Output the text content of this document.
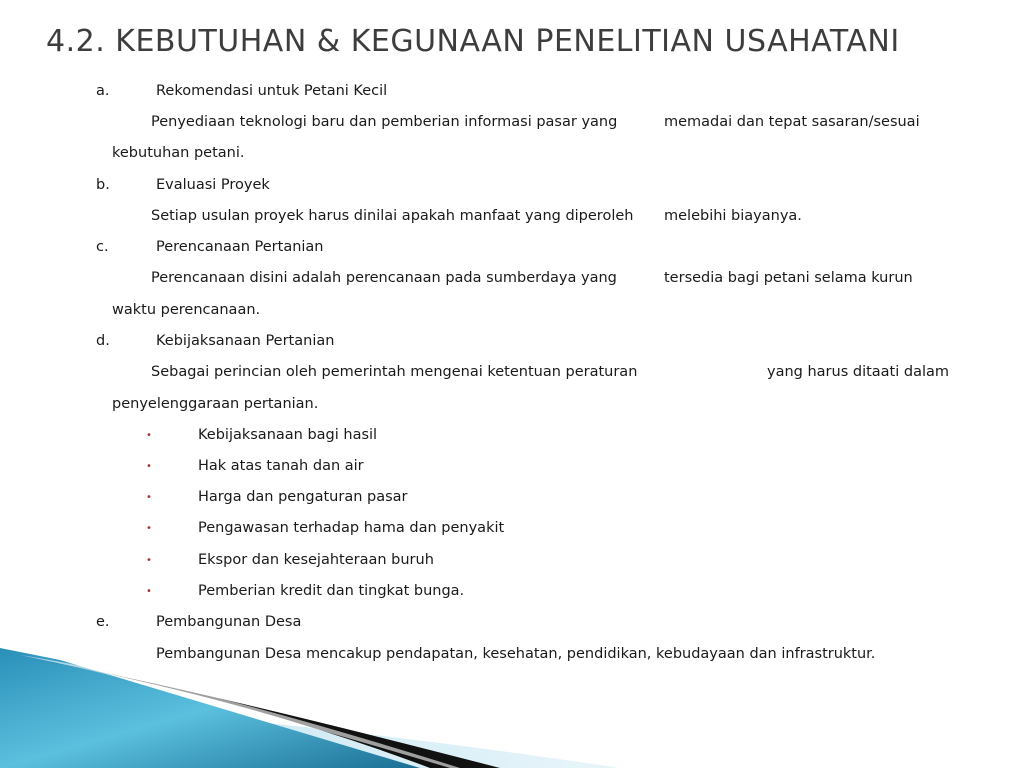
4.2. KEBUTUHAN & KEGUNAAN PENELITIAN USAHATANI
a.	Rekomendasi untuk Petani Kecil
Penyediaan teknologi baru dan pemberian informasi pasar yang	memadai dan tepat sasaran/sesuai
kebutuhan petani.
b.	Evaluasi Proyek
Setiap usulan proyek harus dinilai apakah manfaat yang diperoleh melebihi biayanya.
c.	Perencanaan Pertanian
Perencanaan disini adalah perencanaan pada sumberdaya yang	tersedia bagi petani selama kurun
waktu perencanaan.
d.	Kebijaksanaan Pertanian
Sebagai perincian oleh pemerintah mengenai ketentuan peraturan	yang harus ditaati dalam
penyelenggaraan pertanian.
•	Kebijaksanaan bagi hasil
•	Hak atas tanah dan air
•	Harga dan pengaturan pasar
•	Pengawasan terhadap hama dan penyakit
•	Ekspor dan kesejahteraan buruh
•	Pemberian kredit dan tingkat bunga.
e.	Pembangunan Desa
Pembangunan Desa mencakup pendapatan, kesehatan, pendidikan, kebudayaan dan infrastruktur.
